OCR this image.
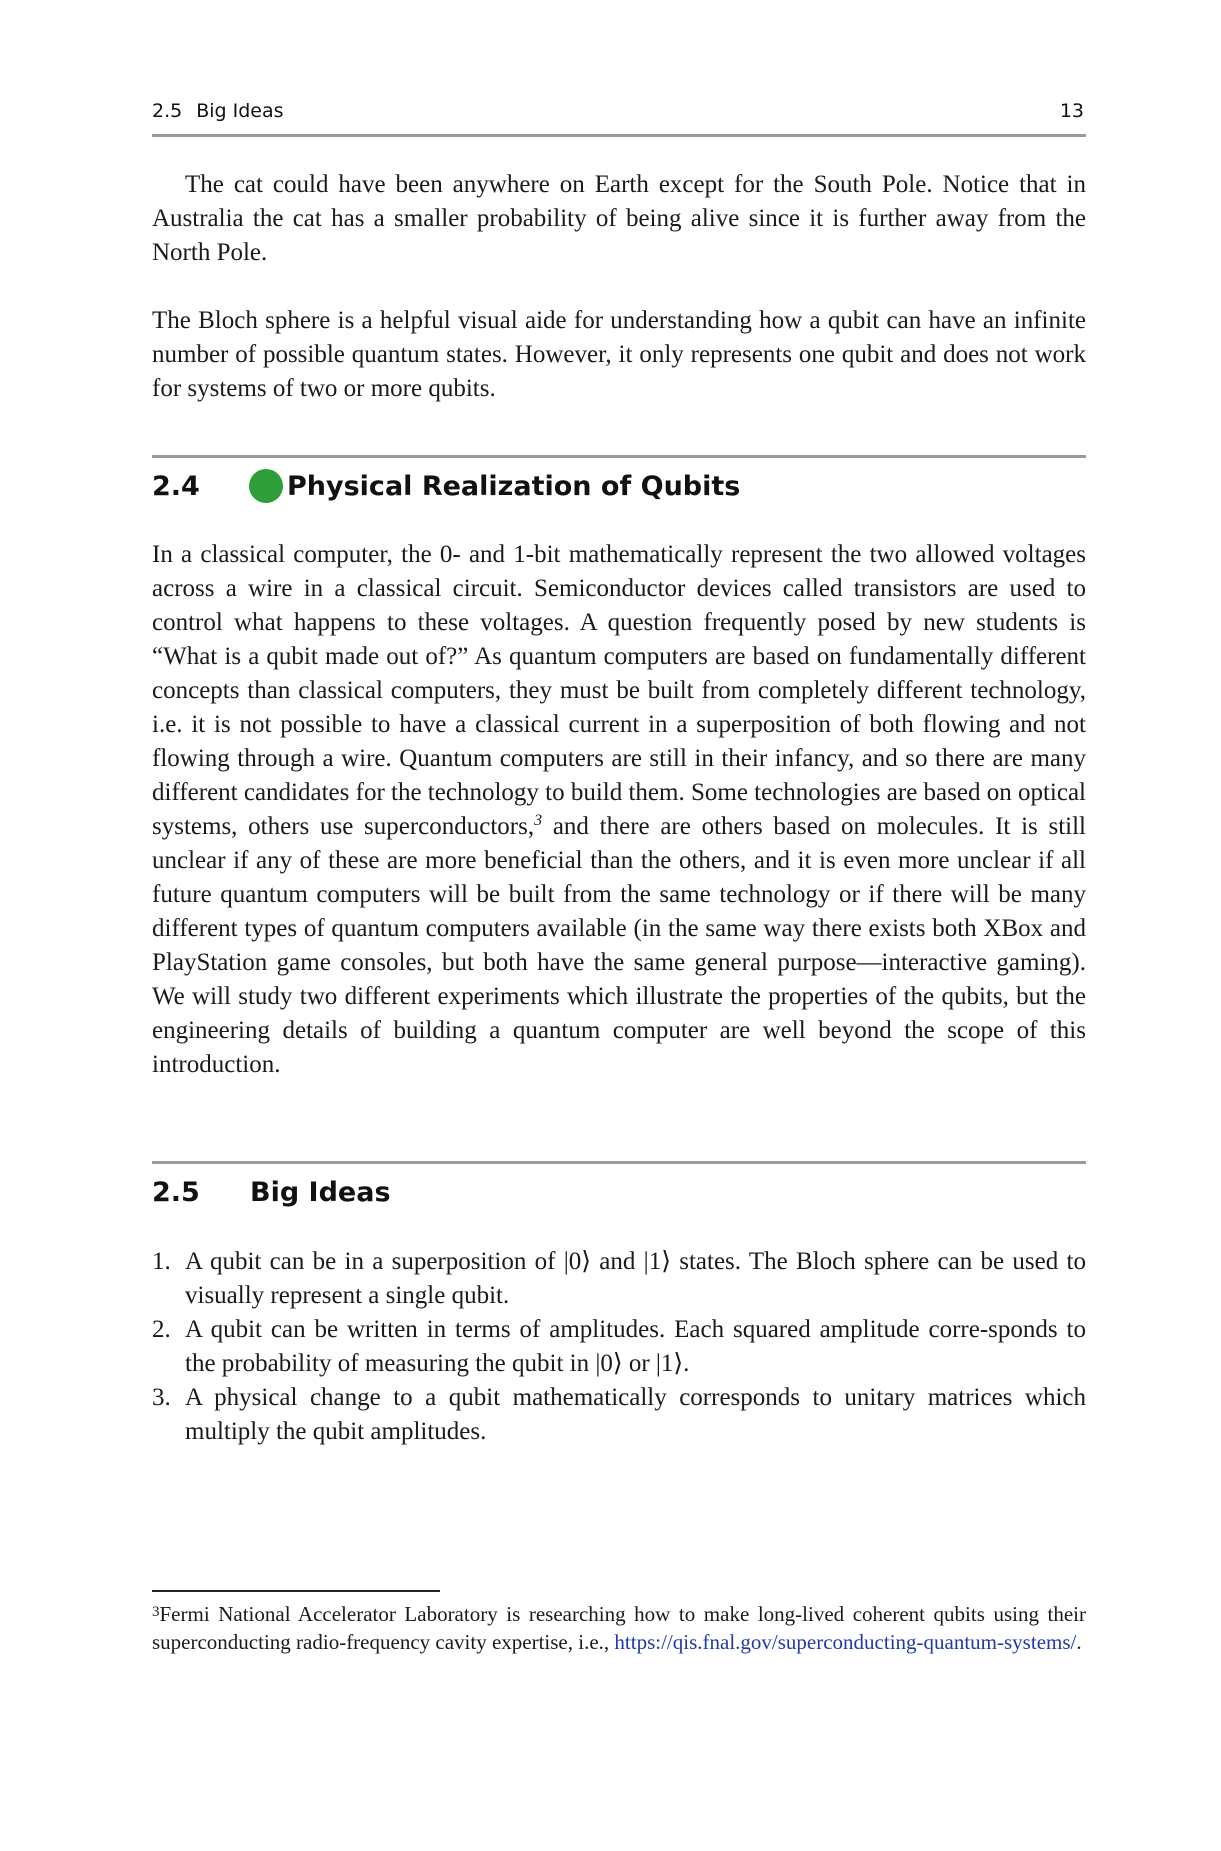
2.5 Big Ideas	13

The cat could have been anywhere on Earth except for the South Pole. Notice that in Australia the cat has a smaller probability of being alive since it is further away from the North Pole.

The Bloch sphere is a helpful visual aide for understanding how a qubit can have an infinite number of possible quantum states. However, it only represents one qubit and does not work for systems of two or more qubits.

2.4	Physical Realization of Qubits

In a classical computer, the 0- and 1-bit mathematically represent the two allowed voltages across a wire in a classical circuit. Semiconductor devices called transistors are used to control what happens to these voltages. A question frequently posed by new students is “What is a qubit made out of?” As quantum computers are based on fundamentally different concepts than classical computers, they must be built from completely different technology, i.e. it is not possible to have a classical current in a superposition of both flowing and not flowing through a wire. Quantum computers are still in their infancy, and so there are many different candidates for the technology to build them. Some technologies are based on optical systems, others use superconductors,$^3$ and there are others based on molecules. It is still unclear if any of these are more beneficial than the others, and it is even more unclear if all future quantum computers will be built from the same technology or if there will be many different types of quantum computers available (in the same way there exists both XBox and PlayStation game consoles, but both have the same general purpose—interactive gaming). We will study two different experiments which illustrate the properties of the qubits, but the engineering details of building a quantum computer are well beyond the scope of this introduction.

2.5 Big Ideas
1. A qubit can be in a superposition of |0⟩ and |1⟩ states. The Bloch sphere can be used to visually represent a single qubit.
2. A qubit can be written in terms of amplitudes. Each squared amplitude corre-sponds to the probability of measuring the qubit in |0⟩ or |1⟩.
3. A physical change to a qubit mathematically corresponds to unitary matrices which multiply the qubit amplitudes.
$^3$Fermi National Accelerator Laboratory is researching how to make long-lived coherent qubits using their superconducting radio-frequency cavity expertise, i.e., https://qis.fnal.gov/superconducting-quantum-systems/.
